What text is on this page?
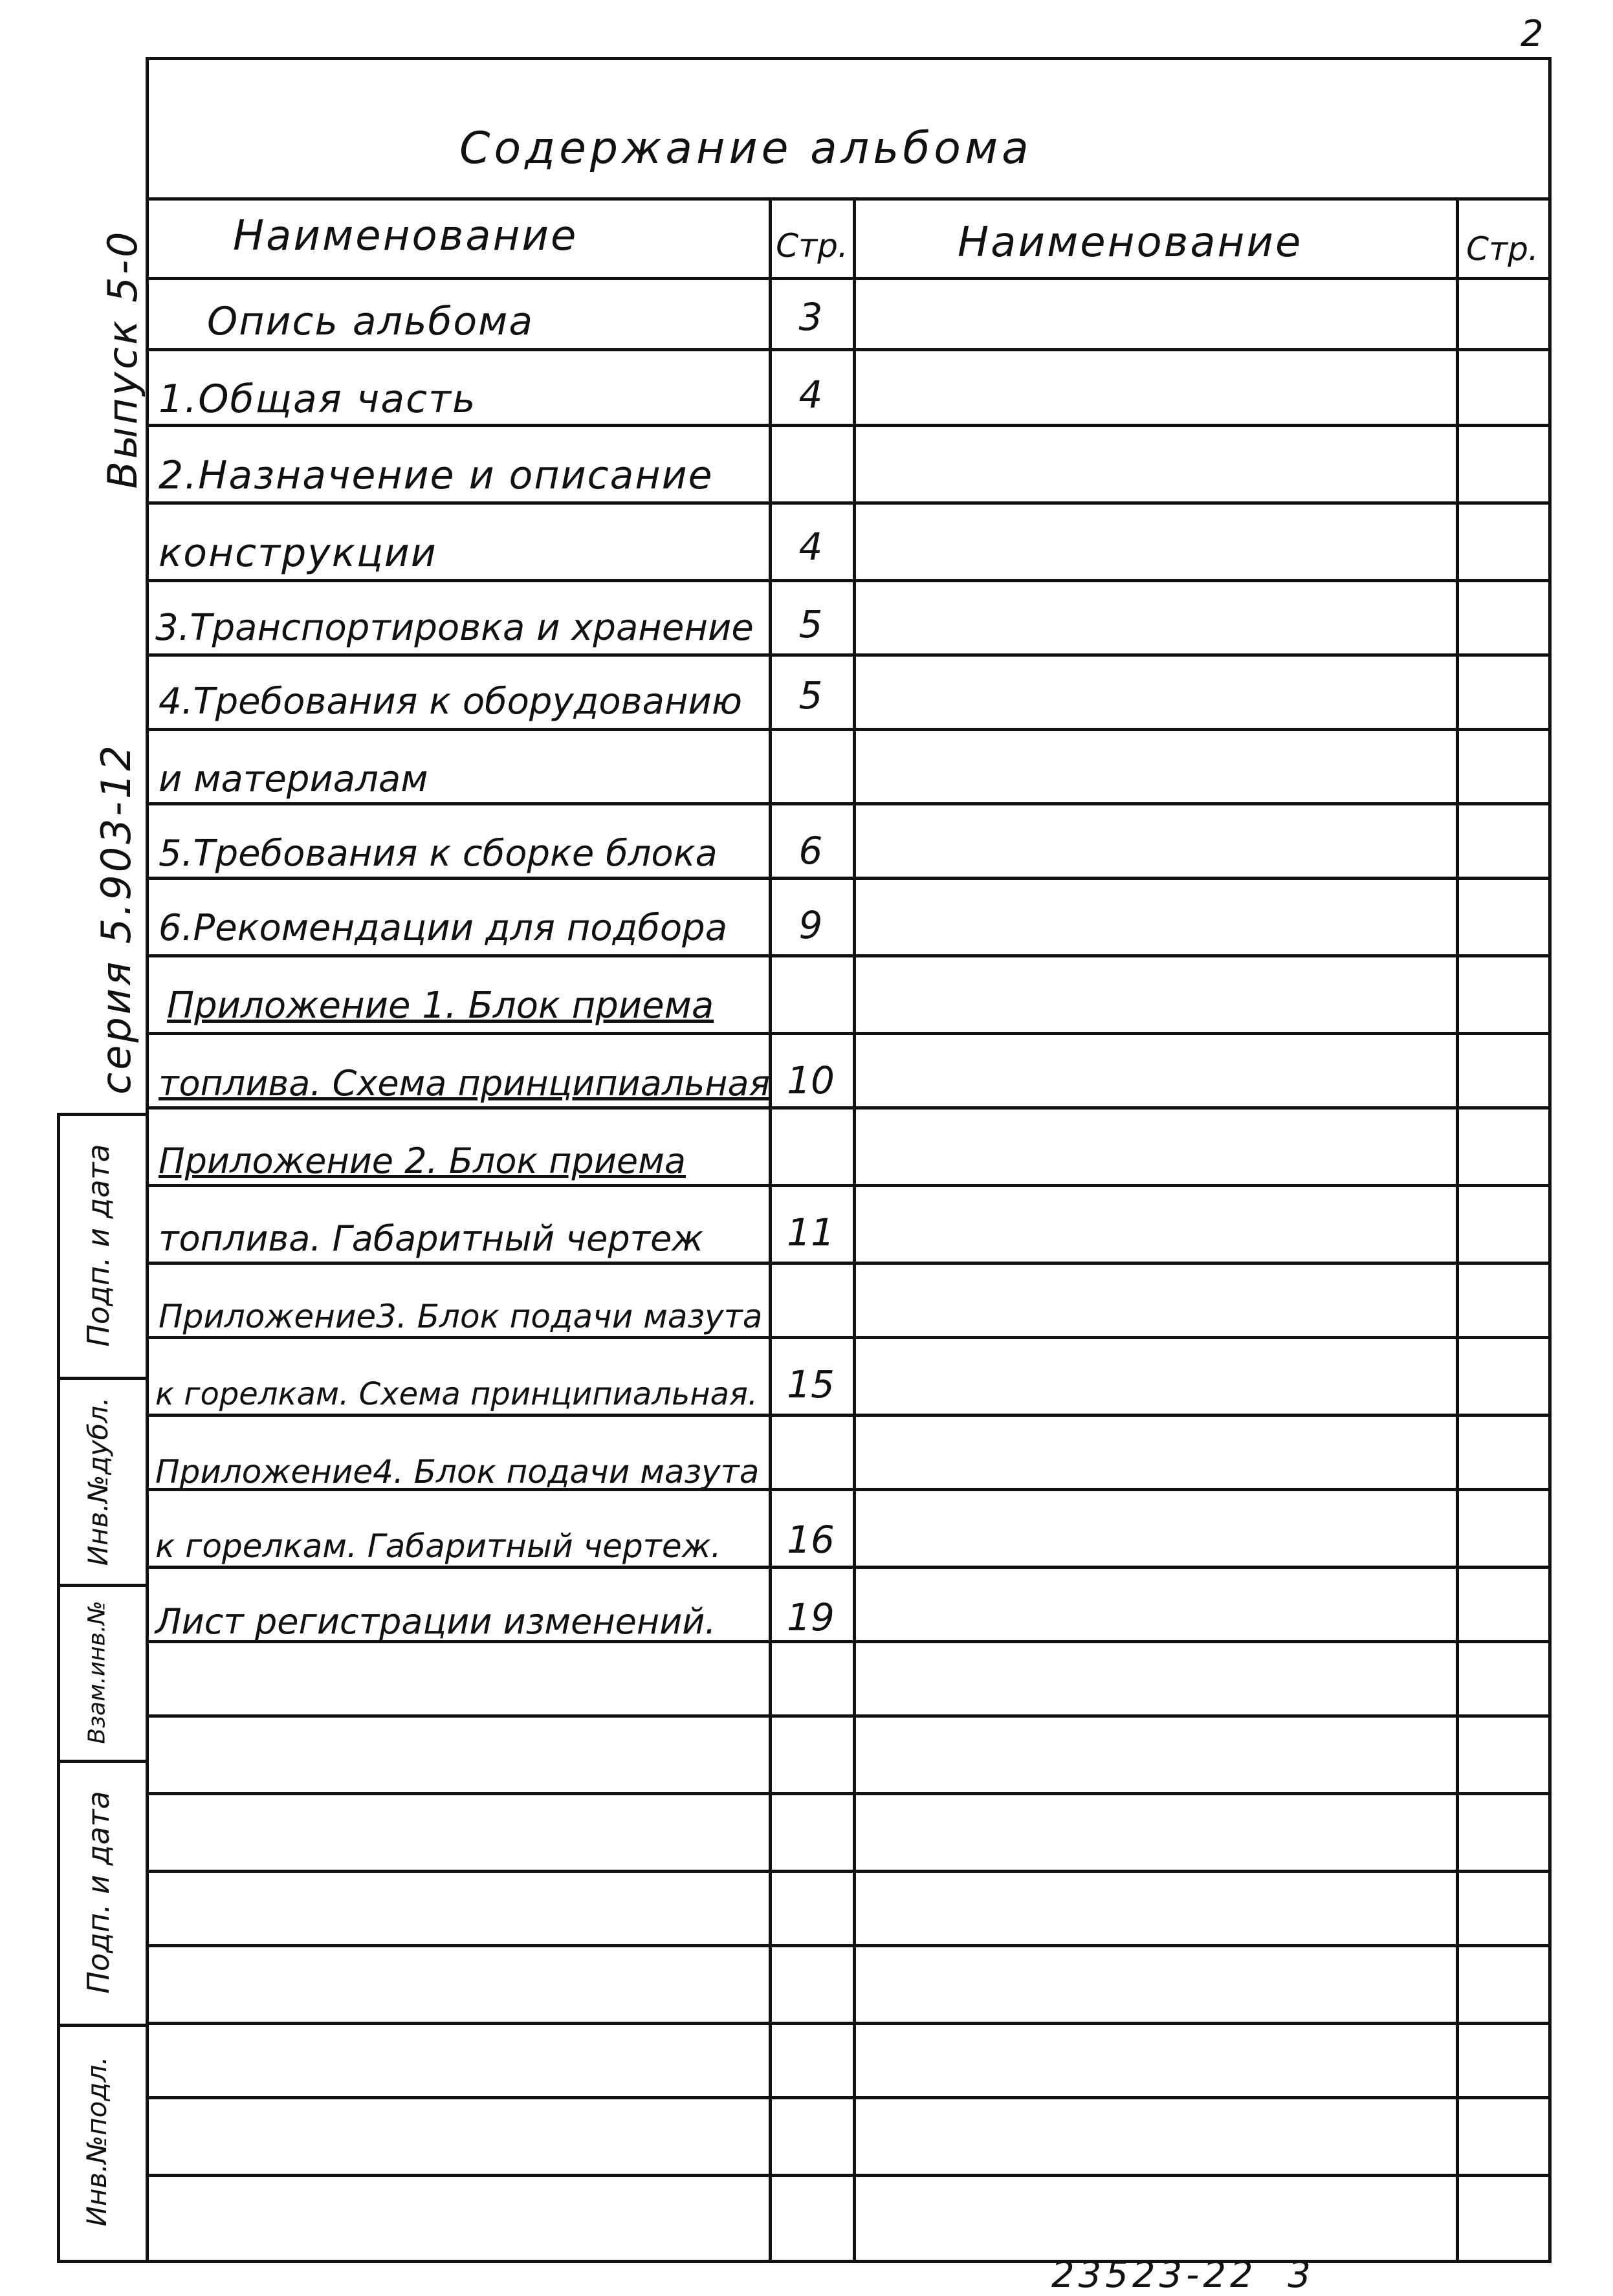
2
Содержание альбома
Наименование	Стр.	Наименование	Стр.
Опись альбома	3
1.Общая часть	4
2.Назначение и описание
конструкции	4
3.Транспортировка и хранение	5
4.Требования к оборудованию	5
и материалам
5.Требования к сборке блока	6
6.Рекомендации для подбора	9
Приложение 1. Блок приема
топлива. Схема принципиальная 10
Приложение 2. Блок приема
топлива. Габаритный чертеж	11
Приложение3. Блок подачи мазута
к горелкам. Схема принципиальная. 15
Приложение4. Блок подачи мазута
к горелкам. Габаритный чертеж.	16
Лист регистрации изменений.	19
Выпуск 5-0
серия 5.903-12
Подп. и дата
Инв.№дубл.
Взам.инв.№
Подп. и дата
Инв.№подл.
23523-22  3
